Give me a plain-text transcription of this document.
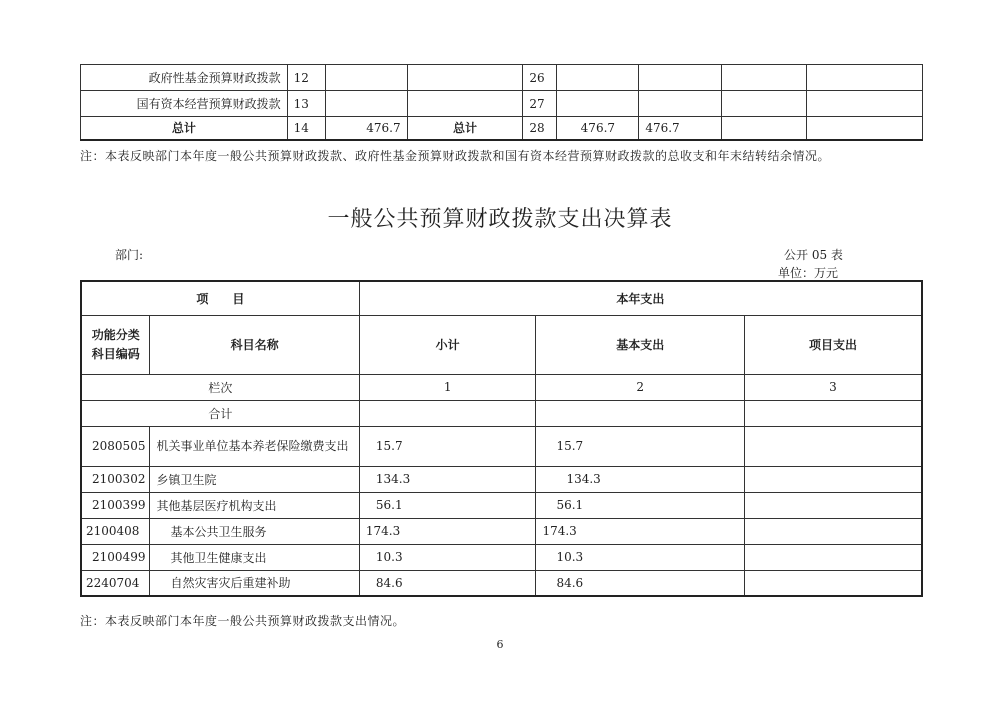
政府性基金预算财政拨款	12			26				
国有资本经营预算财政拨款	13			27				
总计	14	476.7	总计	28	476.7	476.7		
注：本表反映部门本年度一般公共预算财政拨款、政府性基金预算财政拨款和国有资本经营预算财政拨款的总收支和年末结转结余情况。
一般公共预算财政拨款支出决算表
部门:	公开 05 表
单位：万元
项　　目		本年支出		
功能分类科目编码	科目名称	小计	基本支出	项目支出
栏次		1	2	3
合计				
2080505	机关事业单位基本养老保险缴费支出	15.7	15.7	
2100302	乡镇卫生院	134.3	134.3	
2100399	其他基层医疗机构支出	56.1	56.1	
2100408	基本公共卫生服务	174.3	174.3	
2100499	其他卫生健康支出	10.3	10.3	
2240704	自然灾害灾后重建补助	84.6	84.6	
注：本表反映部门本年度一般公共预算财政拨款支出情况。
6
